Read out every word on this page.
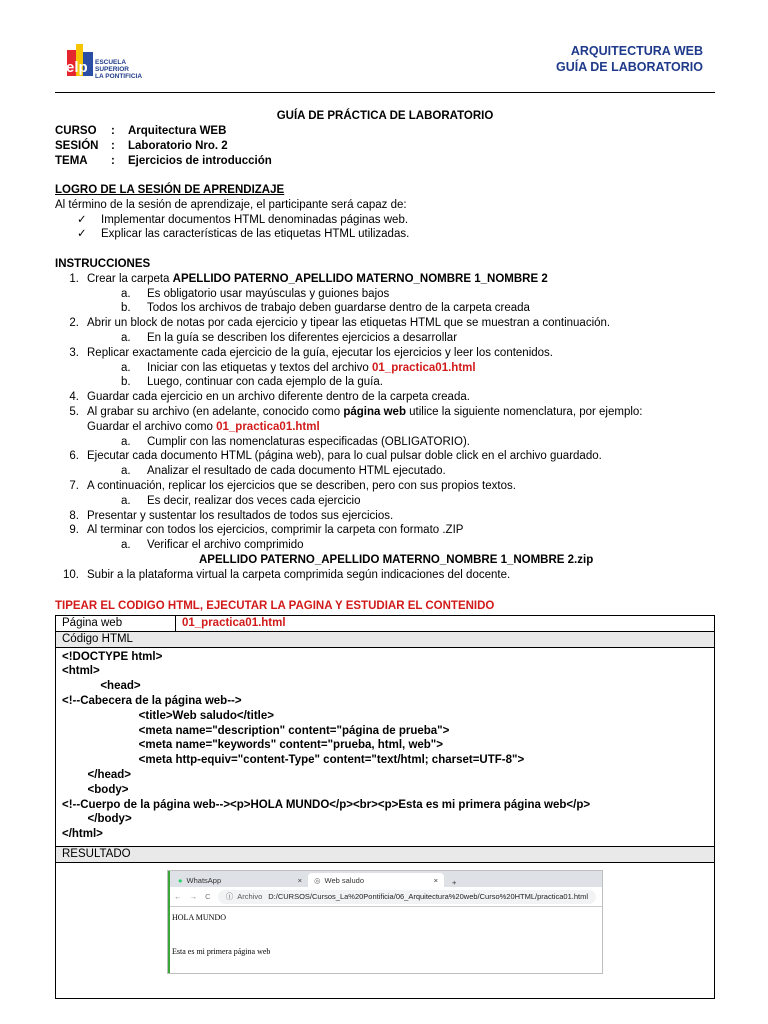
elp ESCUELA
SUPERIOR
LA PONTIFICIA
ARQUITECTURA WEB
GUÍA DE LABORATORIO
GUÍA DE PRÁCTICA DE LABORATORIO
CURSO	:	Arquitectura WEB
SESIÓN	:	Laboratorio Nro. 2
TEMA	:	Ejercicios de introducción
LOGRO DE LA SESIÓN DE APRENDIZAJE
Al término de la sesión de aprendizaje, el participante será capaz de:
✓	Implementar documentos HTML denominadas páginas web.
✓	Explicar las características de las etiquetas HTML utilizadas.
INSTRUCCIONES
1. Crear la carpeta APELLIDO PATERNO_APELLIDO MATERNO_NOMBRE 1_NOMBRE 2
a.	Es obligatorio usar mayúsculas y guiones bajos
b.	Todos los archivos de trabajo deben guardarse dentro de la carpeta creada
2. Abrir un block de notas por cada ejercicio y tipear las etiquetas HTML que se muestran a continuación.
a.	En la guía se describen los diferentes ejercicios a desarrollar
3. Replicar exactamente cada ejercicio de la guía, ejecutar los ejercicios y leer los contenidos.
a.	Iniciar con las etiquetas y textos del archivo 01_practica01.html
b.	Luego, continuar con cada ejemplo de la guía.
4. Guardar cada ejercicio en un archivo diferente dentro de la carpeta creada.
5. Al grabar su archivo (en adelante, conocido como página web utilice la siguiente nomenclatura, por ejemplo:
Guardar el archivo como 01_practica01.html
a.	Cumplir con las nomenclaturas especificadas (OBLIGATORIO).
6. Ejecutar cada documento HTML (página web), para lo cual pulsar doble click en el archivo guardado.
a.	Analizar el resultado de cada documento HTML ejecutado.
7. A continuación, replicar los ejercicios que se describen, pero con sus propios textos.
a.	Es decir, realizar dos veces cada ejercicio
8. Presentar y sustentar los resultados de todos sus ejercicios.
9. Al terminar con todos los ejercicios, comprimir la carpeta con formato .ZIP
a.	Verificar el archivo comprimido
APELLIDO PATERNO_APELLIDO MATERNO_NOMBRE 1_NOMBRE 2.zip
10. Subir a la plataforma virtual la carpeta comprimida según indicaciones del docente.
TIPEAR EL CODIGO HTML, EJECUTAR LA PAGINA Y ESTUDIAR EL CONTENIDO
Página web	01_practica01.html
Código HTML
<!DOCTYPE html>
<html>
<head>
<!--Cabecera de la página web-->
<title>Web saludo</title>
<meta name="description" content="página de prueba">
<meta name="keywords" content="prueba, html, web">
<meta http-equiv="content-Type" content="text/html; charset=UTF-8">
</head>
<body>
<!--Cuerpo de la página web--><p>HOLA MUNDO</p><br><p>Esta es mi primera página web</p>
</body>
</html>
RESULTADO
● WhatsApp	× ◎ Web saludo	×	+
← → C	ⓘ Archivo D:/CURSOS/Cursos_La%20Pontificia/06_Arquitectura%20web/Curso%20HTML/practica01.html
HOLA MUNDO
Esta es mi primera página web
